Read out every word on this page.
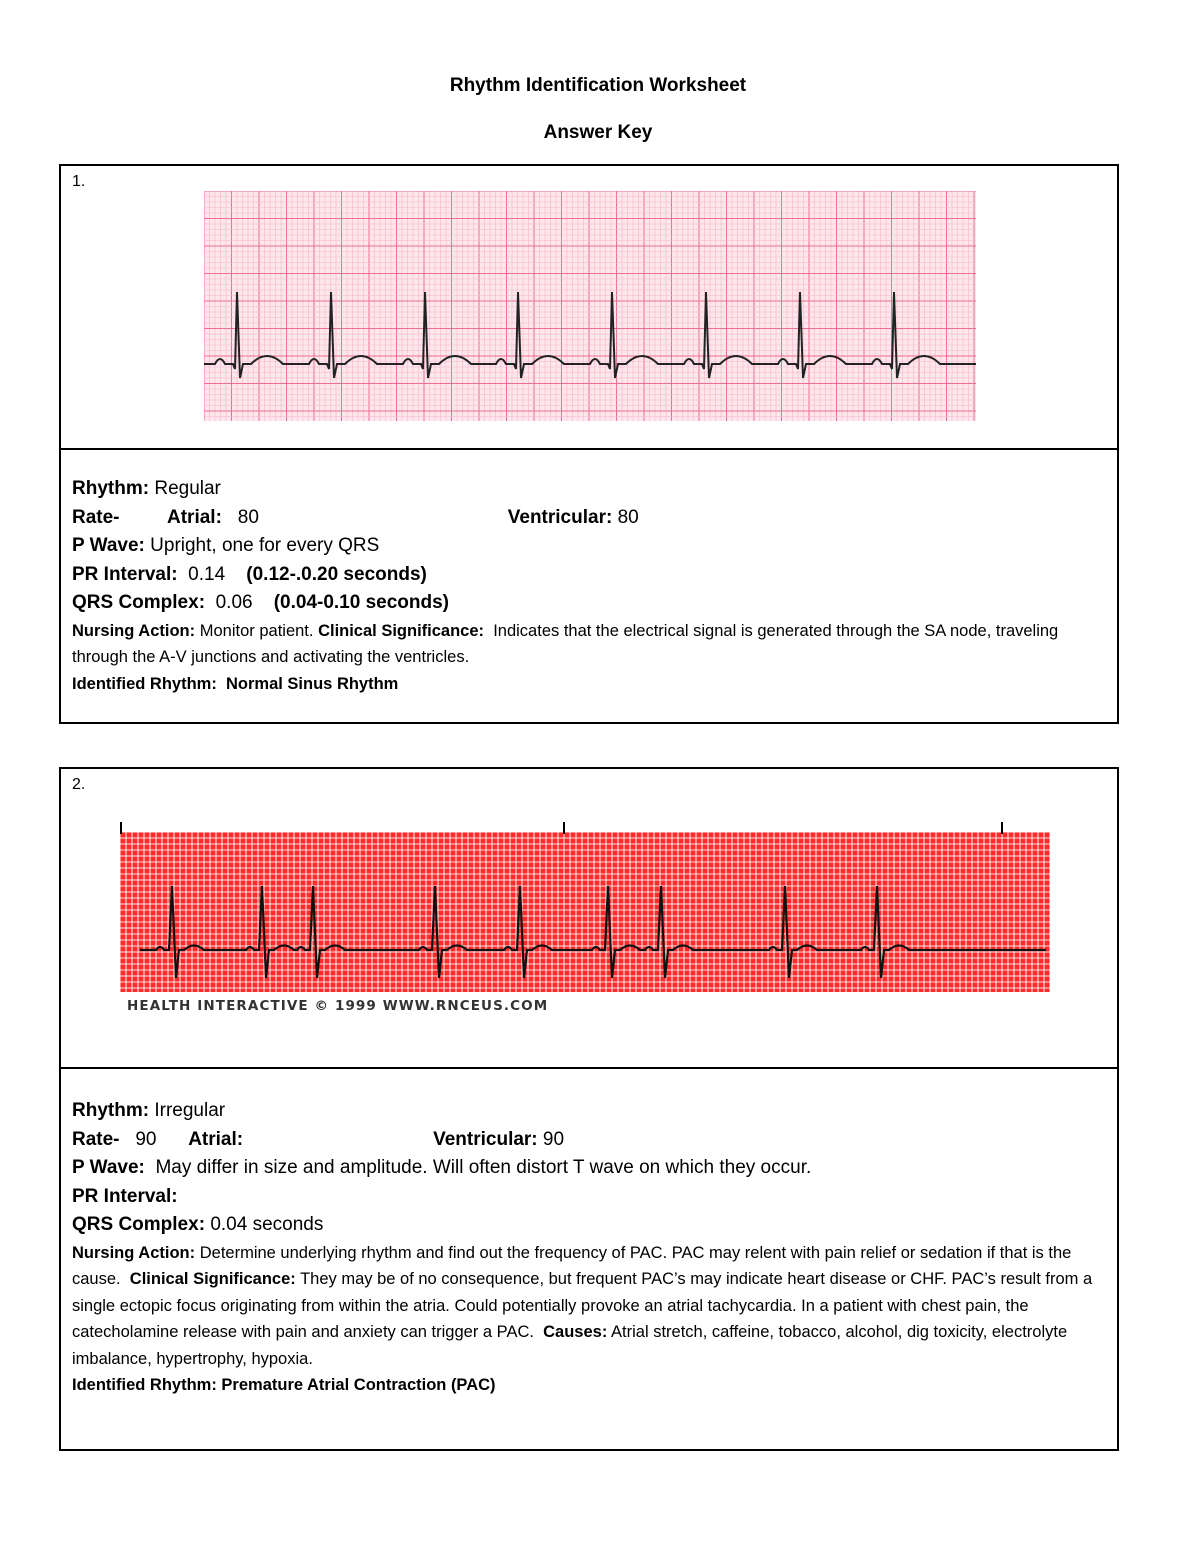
Rhythm Identification Worksheet
Answer Key
1.
Rhythm: Regular
Rate- Atrial: 80	Ventricular: 80
P Wave: Upright, one for every QRS
PR Interval: 0.14 (0.12-.0.20 seconds)
QRS Complex: 0.06 (0.04-0.10 seconds)
Nursing Action: Monitor patient. Clinical Significance: Indicates that the electrical signal is generated through the SA node, traveling through the A-V junctions and activating the ventricles.
Identified Rhythm: Normal Sinus Rhythm
2.
HEALTH INTERACTIVE © 1999 WWW.RNCEUS.COM
Rhythm: Irregular
Rate- 90 Atrial:	Ventricular: 90
P Wave: May differ in size and amplitude. Will often distort T wave on which they occur.
PR Interval:
QRS Complex: 0.04 seconds
Nursing Action: Determine underlying rhythm and find out the frequency of PAC. PAC may relent with pain relief or sedation if that is the cause. Clinical Significance: They may be of no consequence, but frequent PAC’s may indicate heart disease or CHF. PAC’s result from a single ectopic focus originating from within the atria. Could potentially provoke an atrial tachycardia. In a patient with chest pain, the catecholamine release with pain and anxiety can trigger a PAC. Causes: Atrial stretch, caffeine, tobacco, alcohol, dig toxicity, electrolyte imbalance, hypertrophy, hypoxia.
Identified Rhythm: Premature Atrial Contraction (PAC)
